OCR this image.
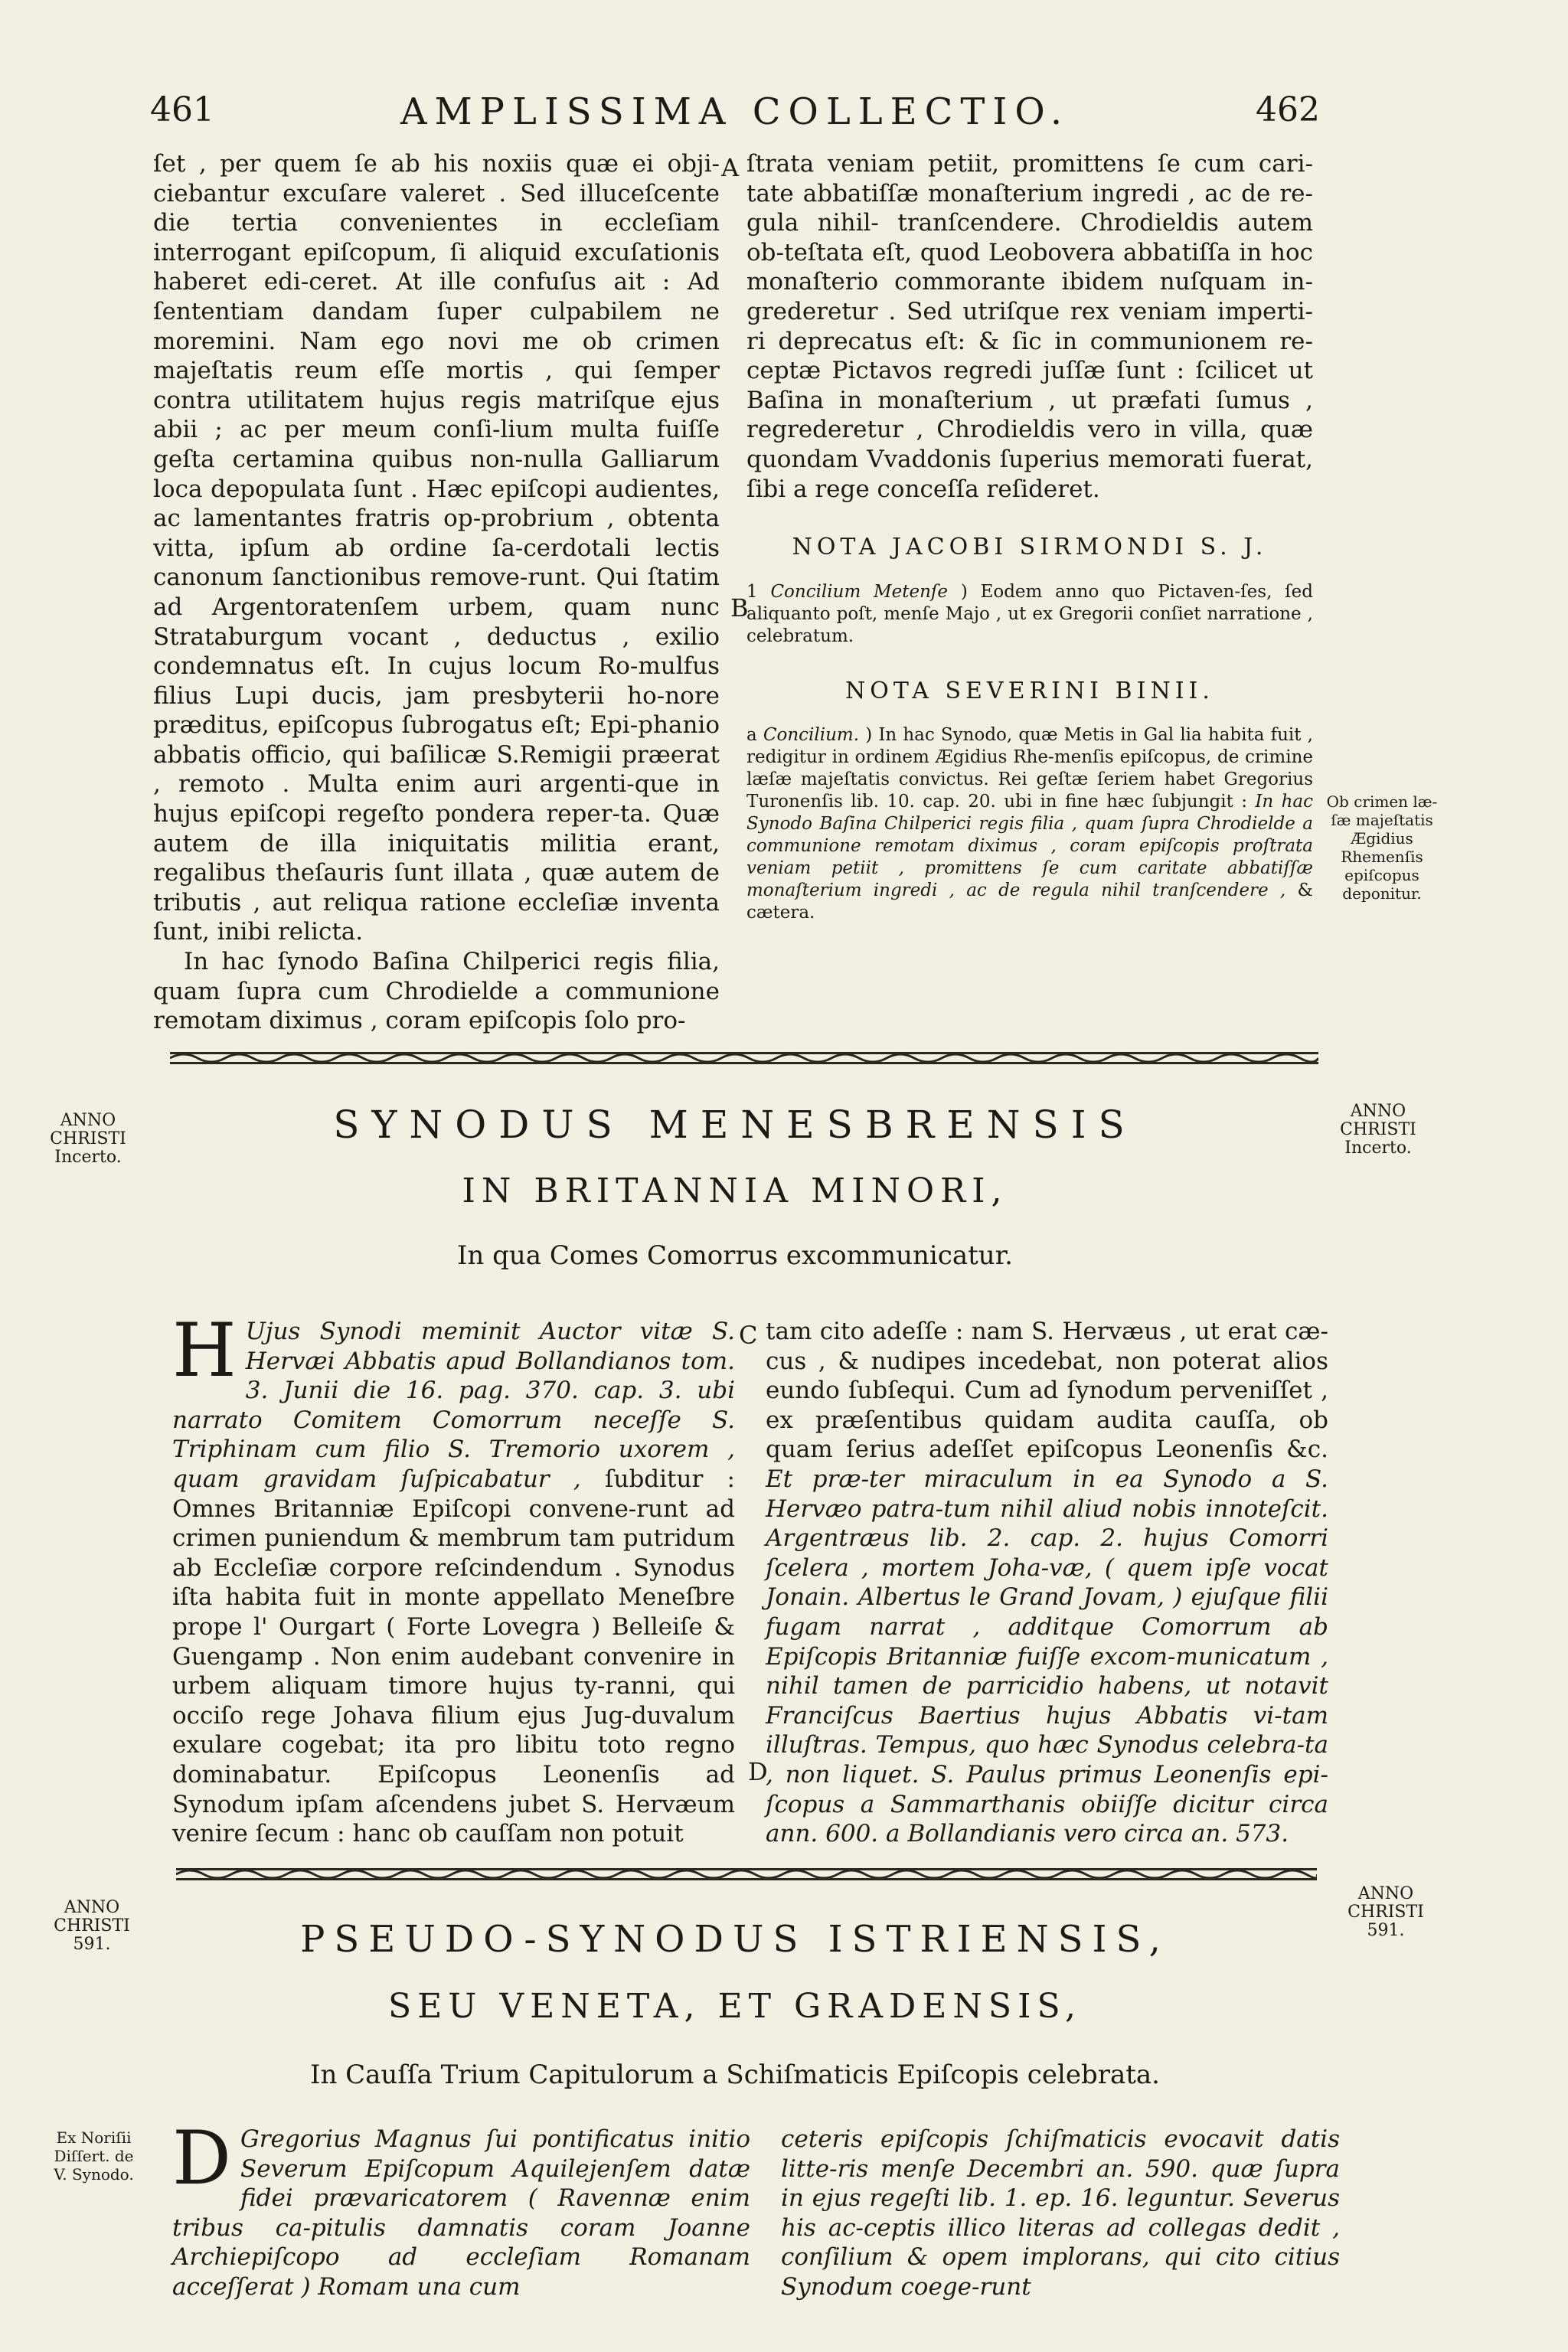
461	AMPLISSIMA COLLECTIO.	462

ſet , per quem ſe ab his noxiis quæ ei obji-ciebantur excuſare valeret . Sed illuceſcente die tertia convenientes in eccleſiam interrogant epiſcopum, ſi aliquid excuſationis haberet edi-ceret. At ille confuſus ait : Ad ſententiam dandam ſuper culpabilem ne moremini. Nam ego novi me ob crimen majeſtatis reum eſſe mortis , qui ſemper contra utilitatem hujus regis matriſque ejus abii ; ac per meum conſi-lium multa fuiſſe geſta certamina quibus non-nulla Galliarum loca depopulata ſunt . Hæc epiſcopi audientes, ac lamentantes fratris op-probrium , obtenta vitta, ipſum ab ordine ſa-cerdotali lectis canonum ſanctionibus remove-runt. Qui ſtatim ad Argentoratenſem urbem, quam nunc Strataburgum vocant , deductus , exilio condemnatus eſt. In cujus locum Ro-mulfus filius Lupi ducis, jam presbyterii ho-nore præditus, epiſcopus ſubrogatus eſt; Epi-phanio abbatis officio, qui baſilicæ S.Remigii præerat , remoto . Multa enim auri argenti-que in hujus epiſcopi regeſto pondera reper-ta. Quæ autem de illa iniquitatis militia erant, regalibus theſauris ſunt illata , quæ autem de tributis , aut reliqua ratione eccleſiæ inventa ſunt, inibi relicta.

In hac ſynodo Baſina Chilperici regis filia, quam ſupra cum Chrodielde a communione remotam diximus , coram epiſcopis ſolo pro-

A
B

ſtrata veniam petiit, promittens ſe cum cari-tate abbatiſſæ monaſterium ingredi , ac de re-gula nihil- tranſcendere. Chrodieldis autem ob-teſtata eſt, quod Leobovera abbatiſſa in hoc monaſterio commorante ibidem nuſquam in-grederetur . Sed utriſque rex veniam imperti-ri deprecatus eſt: & ſic in communionem re-ceptæ Pictavos regredi juſſæ ſunt : ſcilicet ut Baſina in monaſterium , ut præfati ſumus , regrederetur , Chrodieldis vero in villa, quæ quondam Vvaddonis ſuperius memorati fuerat, ſibi a rege conceſſa reſideret.

NOTA JACOBI SIRMONDI S. J.
1 Concilium Metenſe ) Eodem anno quo Pictaven-ſes, ſed aliquanto poſt, menſe Majo , ut ex Gregorii conſiet narratione , celebratum.
NOTA SEVERINI BINII.
a Concilium. ) In hac Synodo, quæ Metis in Gal lia habita fuit , redigitur in ordinem Ægidius Rhe-menſis epiſcopus, de crimine læſæ majeſtatis convictus. Rei geſtæ ſeriem habet Gregorius Turonenſis lib. 10. cap. 20. ubi in fine hæc ſubjungit : In hac Synodo Baſina Chilperici regis filia , quam ſupra Chrodielde a communione remotam diximus , coram epiſcopis proſtrata veniam petiit , promittens ſe cum caritate abbatiſſæ monaſterium ingredi , ac de regula nihil tranſcendere , & cætera.
Ob crimen læ-ſæ majeſtatis Ægidius Rhemenſis epiſcopus deponitur.
ANNO
CHRISTI
Incerto.
ANNO
CHRISTI
Incerto.
SYNODUS MENESBRENSIS
IN BRITANNIA MINORI,
In qua Comes Comorrus excommunicatur.

H Ujus Synodi meminit Auctor vitæ S. Hervæi Abbatis apud Bollandianos tom. 3. Junii die 16. pag. 370. cap. 3. ubi narrato Comitem Comorrum neceſſe S. Triphinam cum filio S. Tremorio uxorem , quam gravidam ſuſpicabatur , ſubditur : Omnes Britanniæ Epiſcopi convene-runt ad crimen puniendum & membrum tam putridum ab Eccleſiæ corpore reſcindendum . Synodus iſta habita fuit in monte appellato Meneſbre prope l' Ourgart ( Forte Lovegra ) Belleiſe & Guengamp . Non enim audebant convenire in urbem aliquam timore hujus ty-ranni, qui occiſo rege Johava filium ejus Jug-duvalum exulare cogebat; ita pro libitu toto regno dominabatur. Epiſcopus Leonenſis ad Synodum ipſam aſcendens jubet S. Hervæum venire ſecum : hanc ob cauſſam non potuit

C
D

tam cito adeſſe : nam S. Hervæus , ut erat cæ-cus , & nudipes incedebat, non poterat alios eundo ſubſequi. Cum ad ſynodum perveniſſet , ex præſentibus quidam audita cauſſa, ob quam ſerius adeſſet epiſcopus Leonenſis &c. Et præ-ter miraculum in ea Synodo a S. Hervæo patra-tum nihil aliud nobis innoteſcit. Argentræus lib. 2. cap. 2. hujus Comorri ſcelera , mortem Joha-væ, ( quem ipſe vocat Jonain. Albertus le Grand Jovam, ) ejuſque filii fugam narrat , additque Comorrum ab Epiſcopis Britanniæ fuiſſe excom-municatum , nihil tamen de parricidio habens, ut notavit Franciſcus Baertius hujus Abbatis vi-tam illuſtras. Tempus, quo hæc Synodus celebra-ta , non liquet. S. Paulus primus Leonenſis epi-ſcopus a Sammarthanis obiiſſe dicitur circa ann. 600. a Bollandianis vero circa an. 573.

ANNO
CHRISTI
591.
ANNO
CHRISTI
591.
PSEUDO-SYNODUS ISTRIENSIS,
SEU VENETA, ET GRADENSIS,
In Cauſſa Trium Capitulorum a Schiſmaticis Epiſcopis celebrata.
Ex Noriſii Diſſert. de V. Synodo. D Gregorius Magnus ſui pontificatus initio Severum Epiſcopum Aquilejenſem datæ fidei prævaricatorem ( Ravennæ enim tribus ca-pitulis damnatis coram Joanne Archiepiſcopo ad eccleſiam Romanam acceſſerat ) Romam una cum

ceteris epiſcopis ſchiſmaticis evocavit datis litte-ris menſe Decembri an. 590. quæ ſupra in ejus regeſti lib. 1. ep. 16. leguntur. Severus his ac-ceptis illico literas ad collegas dedit , conſilium & opem implorans, qui cito citius Synodum coege-runt
